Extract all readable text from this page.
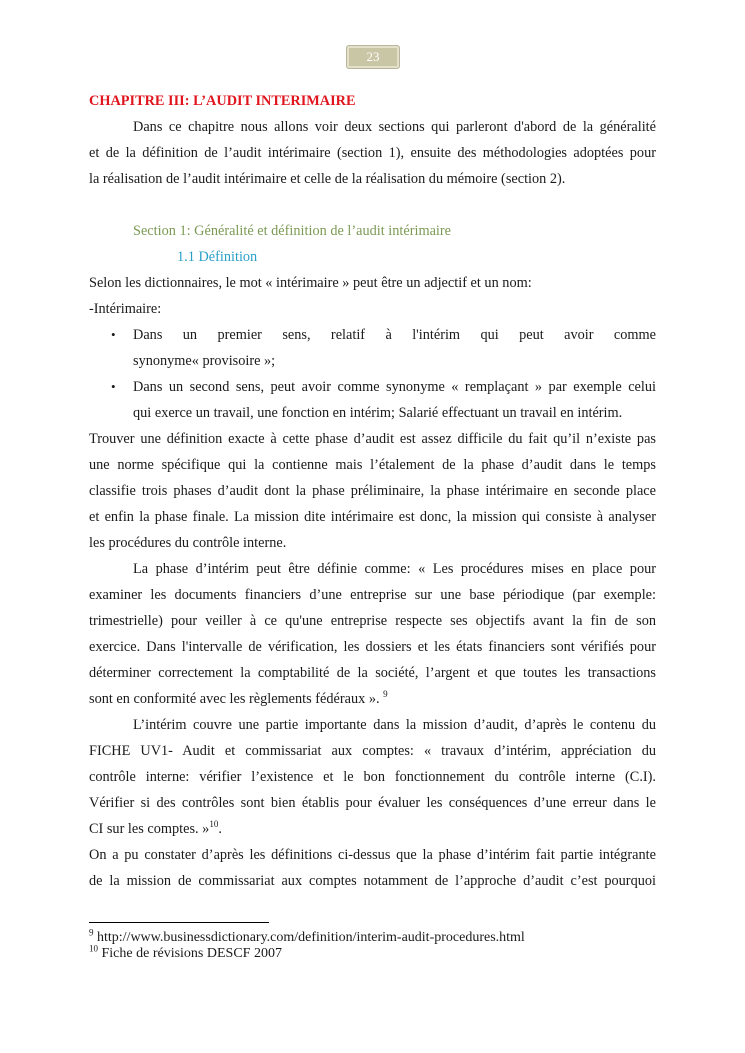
23
CHAPITRE III: L’AUDIT INTERIMAIRE
Dans ce chapitre nous allons voir deux sections qui parleront d'abord de la généralité
et de la définition de l’audit intérimaire (section 1), ensuite des méthodologies adoptées pour
la réalisation de l’audit intérimaire et celle de la réalisation du mémoire (section 2).
Section 1: Généralité et définition de l’audit intérimaire
1.1 Définition
Selon les dictionnaires, le mot « intérimaire » peut être un adjectif et un nom:
-Intérimaire:
• Dans un premier sens, relatif à l'intérim qui peut avoir comme
synonyme« provisoire »;
• Dans un second sens, peut avoir comme synonyme « remplaçant » par exemple celui
qui exerce un travail, une fonction en intérim; Salarié effectuant un travail en intérim.
Trouver une définition exacte à cette phase d’audit est assez difficile du fait qu’il n’existe pas
une norme spécifique qui la contienne mais l’étalement de la phase d’audit dans le temps
classifie trois phases d’audit dont la phase préliminaire, la phase intérimaire en seconde place
et enfin la phase finale. La mission dite intérimaire est donc, la mission qui consiste à analyser
les procédures du contrôle interne.
La phase d’intérim peut être définie comme: « Les procédures mises en place pour
examiner les documents financiers d’une entreprise sur une base périodique (par exemple:
trimestrielle) pour veiller à ce qu'une entreprise respecte ses objectifs avant la fin de son
exercice. Dans l'intervalle de vérification, les dossiers et les états financiers sont vérifiés pour
déterminer correctement la comptabilité de la société, l’argent et que toutes les transactions
sont en conformité avec les règlements fédéraux ». $^9$
L’intérim couvre une partie importante dans la mission d’audit, d’après le contenu du
FICHE UV1- Audit et commissariat aux comptes: « travaux d’intérim, appréciation du
contrôle interne: vérifier l’existence et le bon fonctionnement du contrôle interne (C.I).
Vérifier si des contrôles sont bien établis pour évaluer les conséquences d’une erreur dans le
CI sur les comptes. »$^{10}$.
On a pu constater d’après les définitions ci-dessus que la phase d’intérim fait partie intégrante
de la mission de commissariat aux comptes notamment de l’approche d’audit c’est pourquoi
$^9$ http://www.businessdictionary.com/definition/interim-audit-procedures.html
$^{10}$ Fiche de révisions DESCF 2007
